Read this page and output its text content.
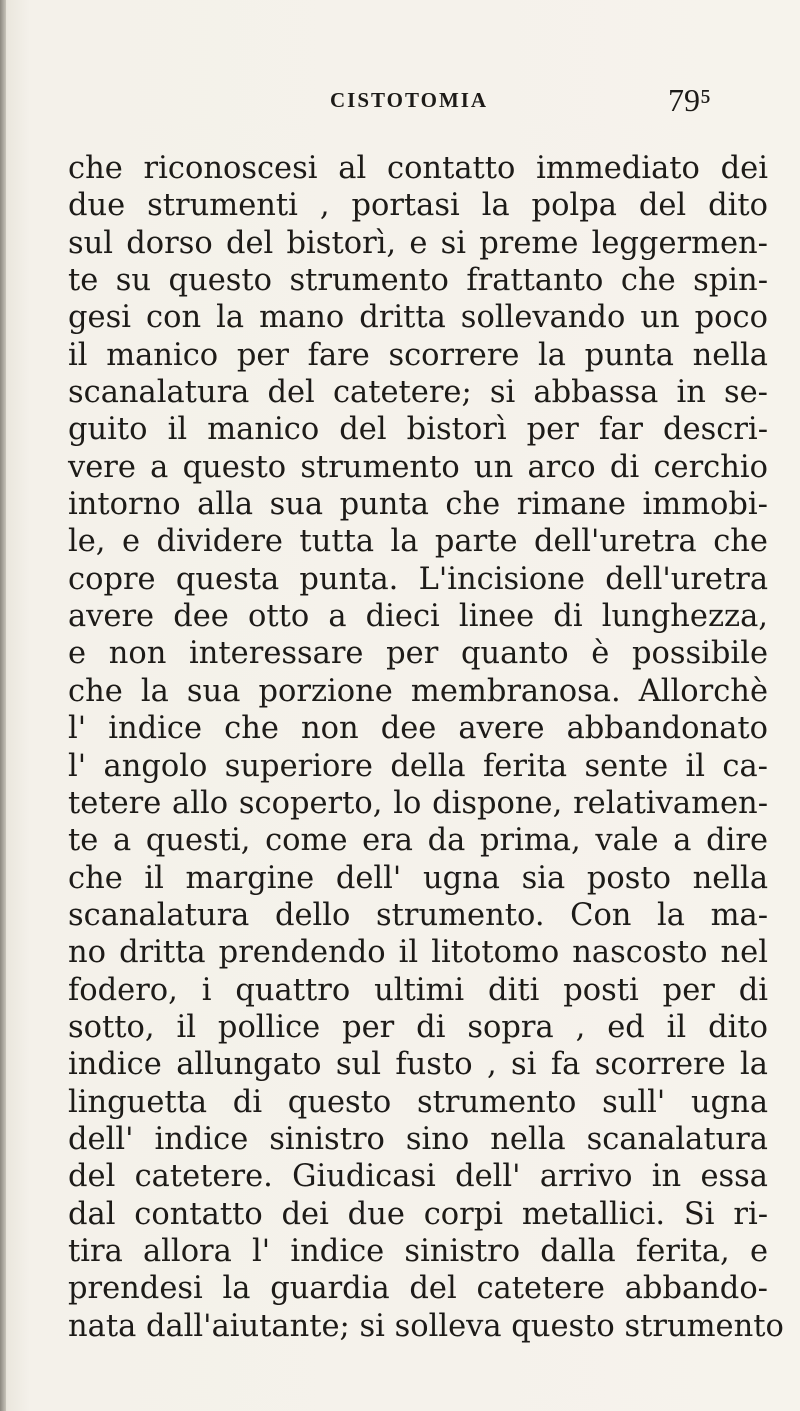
CISTOTOMIA	79⁵
che riconoscesi al contatto immediato dei
due strumenti , portasi la polpa del dito
sul dorso del bistorì, e si preme leggermen-
te su questo strumento frattanto che spin-
gesi con la mano dritta sollevando un poco
il manico per fare scorrere la punta nella
scanalatura del catetere; si abbassa in se-
guito il manico del bistorì per far descri-
vere a questo strumento un arco di cerchio
intorno alla sua punta che rimane immobi-
le, e dividere tutta la parte dell'uretra che
copre questa punta. L'incisione dell'uretra
avere dee otto a dieci linee di lunghezza,
e non interessare per quanto è possibile
che la sua porzione membranosa. Allorchè
l' indice che non dee avere abbandonato
l' angolo superiore della ferita sente il ca-
tetere allo scoperto, lo dispone, relativamen-
te a questi, come era da prima, vale a dire
che il margine dell' ugna sia posto nella
scanalatura dello strumento. Con la ma-
no dritta prendendo il litotomo nascosto nel
fodero, i quattro ultimi diti posti per di
sotto, il pollice per di sopra , ed il dito
indice allungato sul fusto , si fa scorrere la
linguetta di questo strumento sull' ugna
dell' indice sinistro sino nella scanalatura
del catetere. Giudicasi dell' arrivo in essa
dal contatto dei due corpi metallici. Si ri-
tira allora l' indice sinistro dalla ferita, e
prendesi la guardia del catetere abbando-
nata dall'aiutante; si solleva questo strumento
